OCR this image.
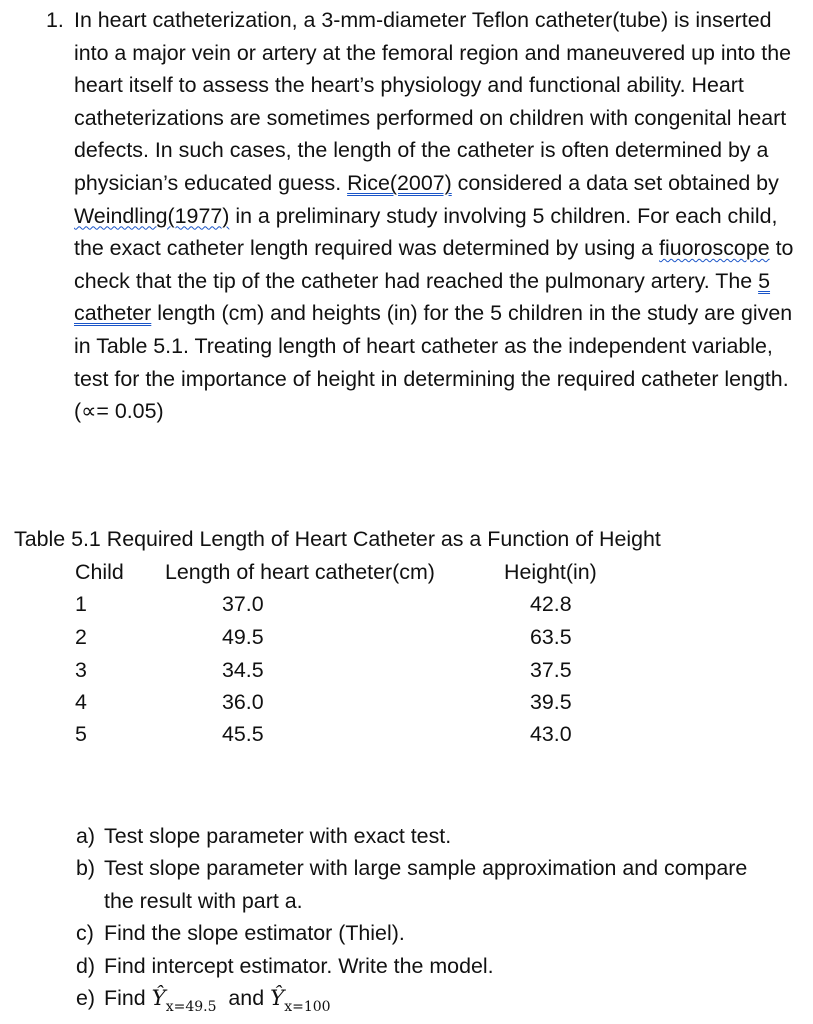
1. In heart catheterization, a 3-mm-diameter Teflon catheter(tube) is inserted into a major vein or artery at the femoral region and maneuvered up into the heart itself to assess the heart’s physiology and functional ability. Heart catheterizations are sometimes performed on children with congenital heart defects. In such cases, the length of the catheter is often determined by a physician’s educated guess. Rice(2007) considered a data set obtained by Weindling(1977) in a preliminary study involving 5 children. For each child, the exact catheter length required was determined by using a fiuoroscope to check that the tip of the catheter had reached the pulmonary artery. The 5 catheter length (cm) and heights (in) for the 5 children in the study are given in Table 5.1. Treating length of heart catheter as the independent variable, test for the importance of height in determining the required catheter length. (∝= 0.05)
Table 5.1 Required Length of Heart Catheter as a Function of Height
Child Length of heart catheter(cm)	Height(in)
1	37.0	42.8
2	49.5	63.5
3	34.5	37.5
4	36.0	39.5
5	45.5	43.0
a) Test slope parameter with exact test.
b) Test slope parameter with large sample approximation and compare the result with part a.
c) Find the slope estimator (Thiel).
d) Find intercept estimator. Write the model.
e) Find $Ŷ_{x=49.5}$ and $Ŷ_{x=100}$
